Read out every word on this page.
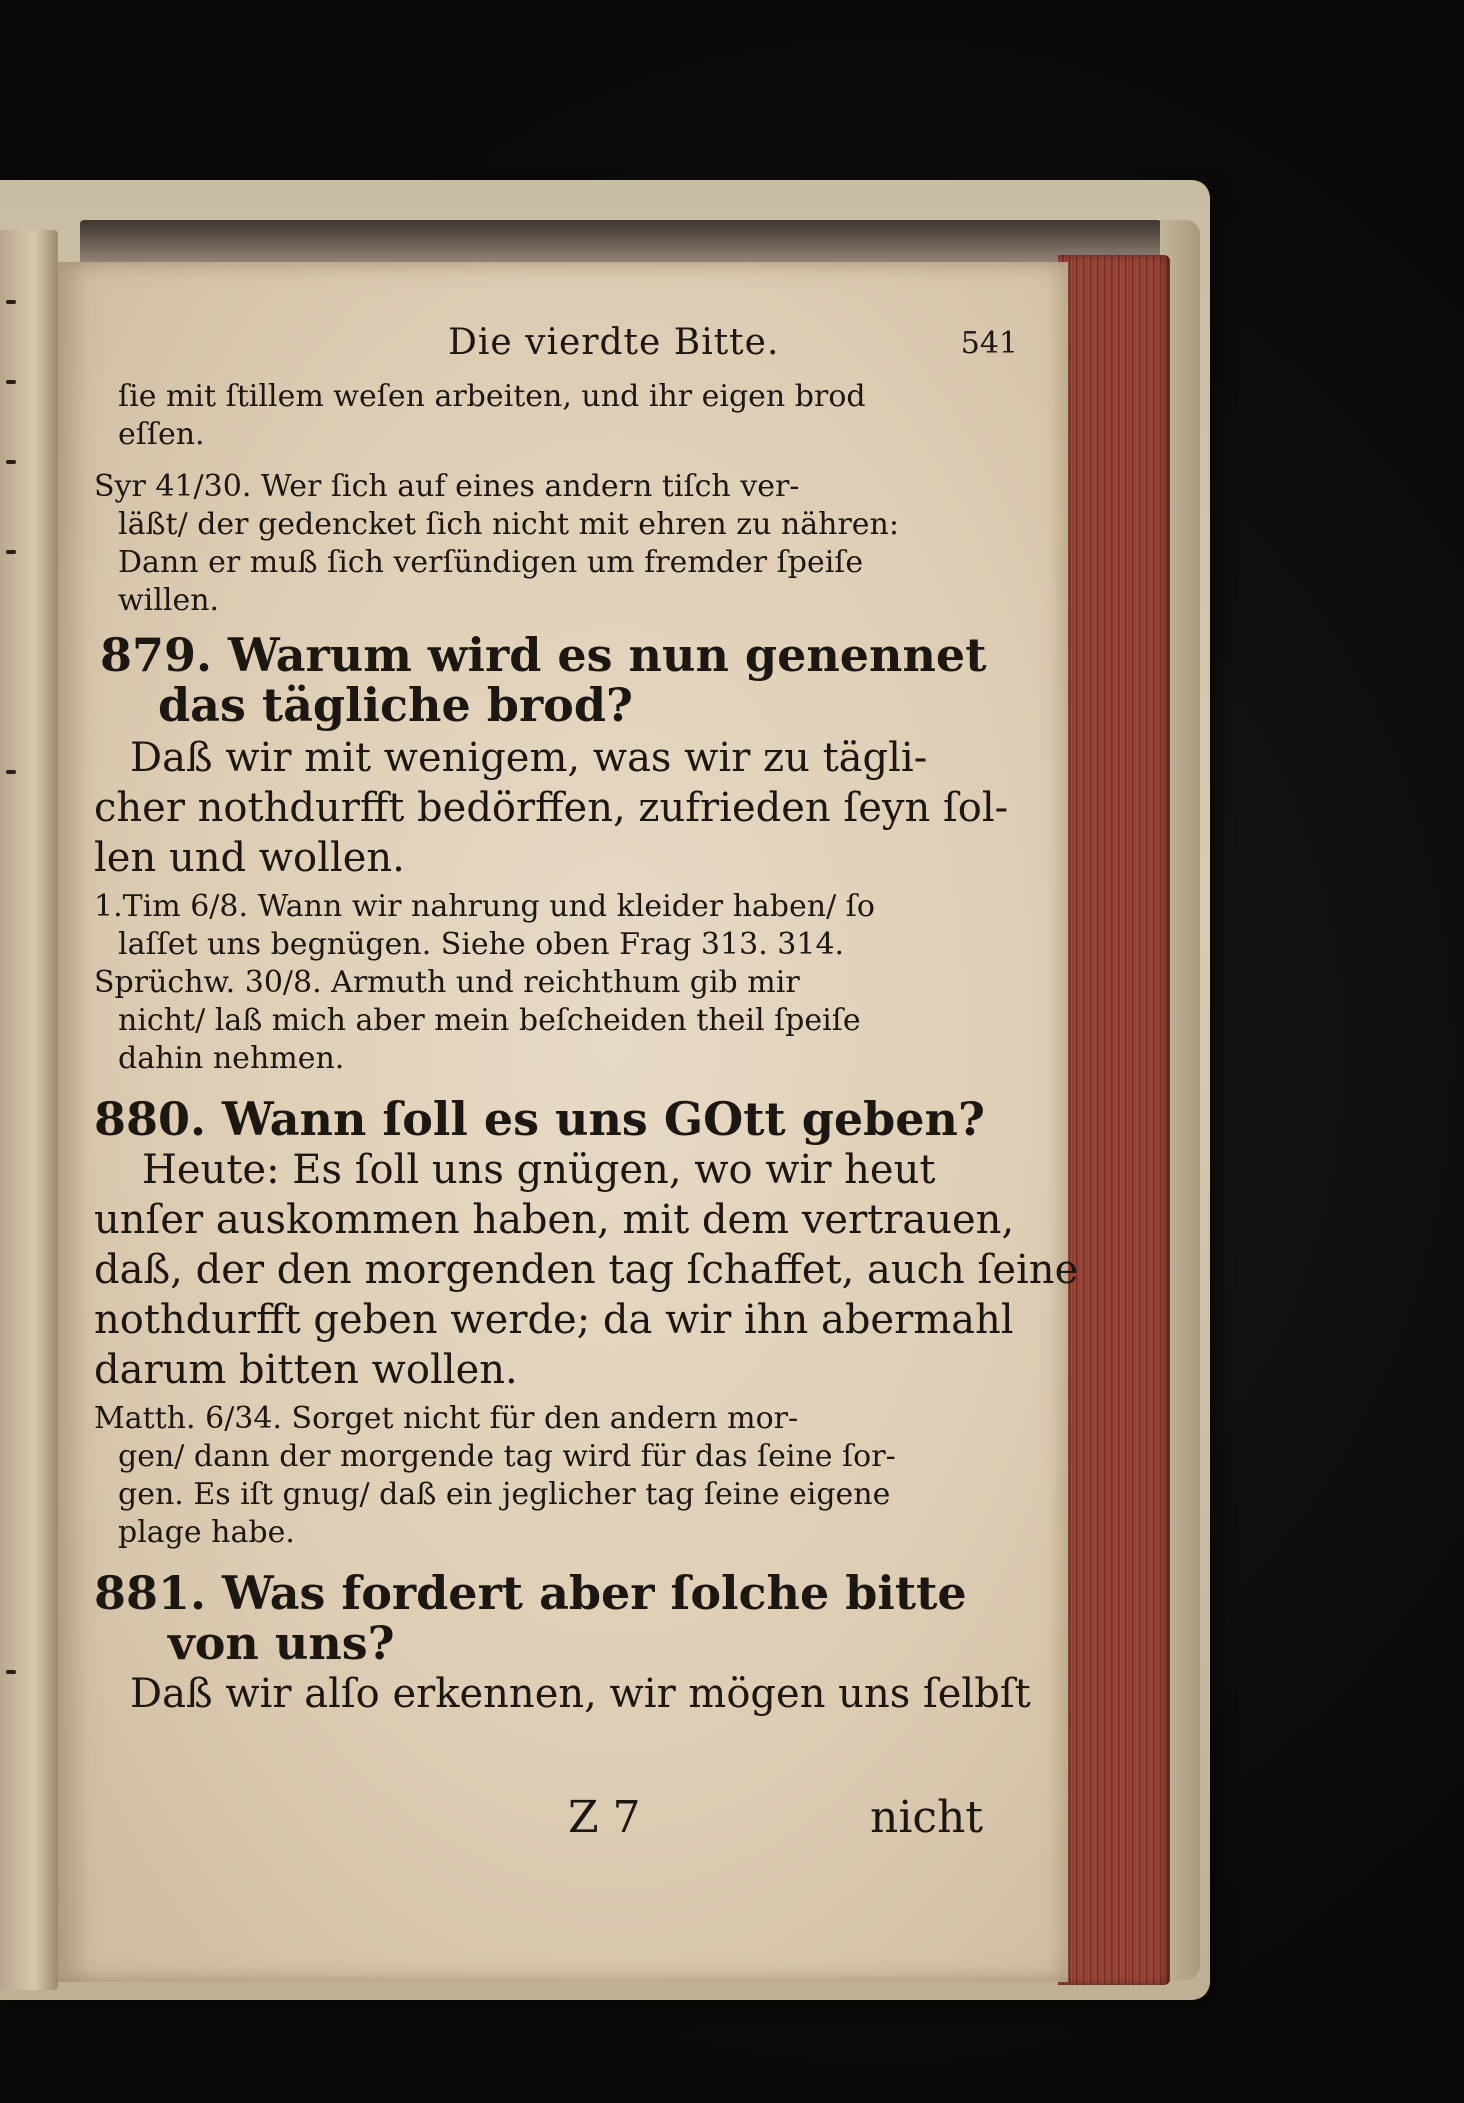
Die vierdte Bitte.	541
ſie mit ſtillem weſen arbeiten, und ihr eigen brod
eſſen.
Syr 41/30. Wer ſich auf eines andern tiſch ver-
läßt/ der gedencket ſich nicht mit ehren zu nähren:
Dann er muß ſich verſündigen um fremder ſpeiſe
willen.
879. Warum wird es nun genennet
das tägliche brod?
Daß wir mit wenigem, was wir zu tägli-
cher nothdurfft bedörffen, zufrieden ſeyn ſol-
len und wollen.
1.Tim 6/8. Wann wir nahrung und kleider haben/ ſo
laſſet uns begnügen. Siehe oben Frag 313. 314.
Sprüchw. 30/8. Armuth und reichthum gib mir
nicht/ laß mich aber mein beſcheiden theil ſpeiſe
dahin nehmen.
880. Wann ſoll es uns GOtt geben?
Heute: Es ſoll uns gnügen, wo wir heut
unſer auskommen haben, mit dem vertrauen,
daß, der den morgenden tag ſchaffet, auch ſeine
nothdurfft geben werde; da wir ihn abermahl
darum bitten wollen.
Matth. 6/34. Sorget nicht für den andern mor-
gen/ dann der morgende tag wird für das ſeine ſor-
gen. Es iſt gnug/ daß ein jeglicher tag ſeine eigene
plage habe.
881. Was fordert aber ſolche bitte
von uns?
Daß wir alſo erkennen, wir mögen uns ſelbſt
Z 7	nicht
